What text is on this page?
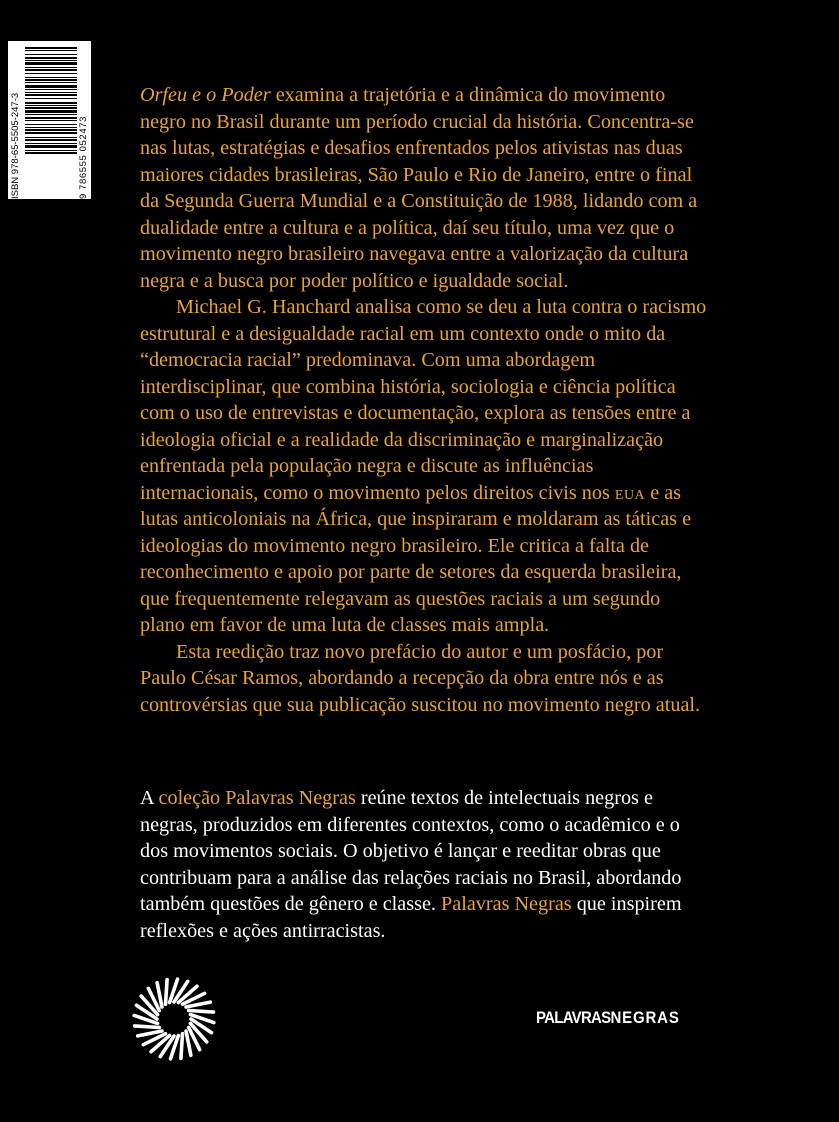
ISBN 978-65-5505-247-3	9 786555 052473

Orfeu e o Poder examina a trajetória e a dinâmica do movimento negro no Brasil durante um período crucial da história. Concentra-se nas lutas, estratégias e desafios enfrentados pelos ativistas nas duas maiores cidades brasileiras, São Paulo e Rio de Janeiro, entre o final da Segunda Guerra Mundial e a Constituição de 1988, lidando com a dualidade entre a cultura e a política, daí seu título, uma vez que o movimento negro brasileiro navegava entre a valorização da cultura negra e a busca por poder político e igualdade social.

Michael G. Hanchard analisa como se deu a luta contra o racismo estrutural e a desigualdade racial em um contexto onde o mito da “democracia racial” predominava. Com uma abordagem interdisciplinar, que combina história, sociologia e ciência política com o uso de entrevistas e documentação, explora as tensões entre a ideologia oficial e a realidade da discriminação e marginalização enfrentada pela população negra e discute as influências internacionais, como o movimento pelos direitos civis nos eua e as lutas anticoloniais na África, que inspiraram e moldaram as táticas e ideologias do movimento negro brasileiro. Ele critica a falta de reconhecimento e apoio por parte de setores da esquerda brasileira, que frequentemente relegavam as questões raciais a um segundo plano em favor de uma luta de classes mais ampla.

Esta reedição traz novo prefácio do autor e um posfácio, por Paulo César Ramos, abordando a recepção da obra entre nós e as controvérsias que sua publicação suscitou no movimento negro atual.

A coleção Palavras Negras reúne textos de intelectuais negros e negras, produzidos em diferentes contextos, como o acadêmico e o dos movimentos sociais. O objetivo é lançar e reeditar obras que contribuam para a análise das relações raciais no Brasil, abordando também questões de gênero e classe. Palavras Negras que inspirem reflexões e ações antirracistas.

PALAVRASNEGRAS
